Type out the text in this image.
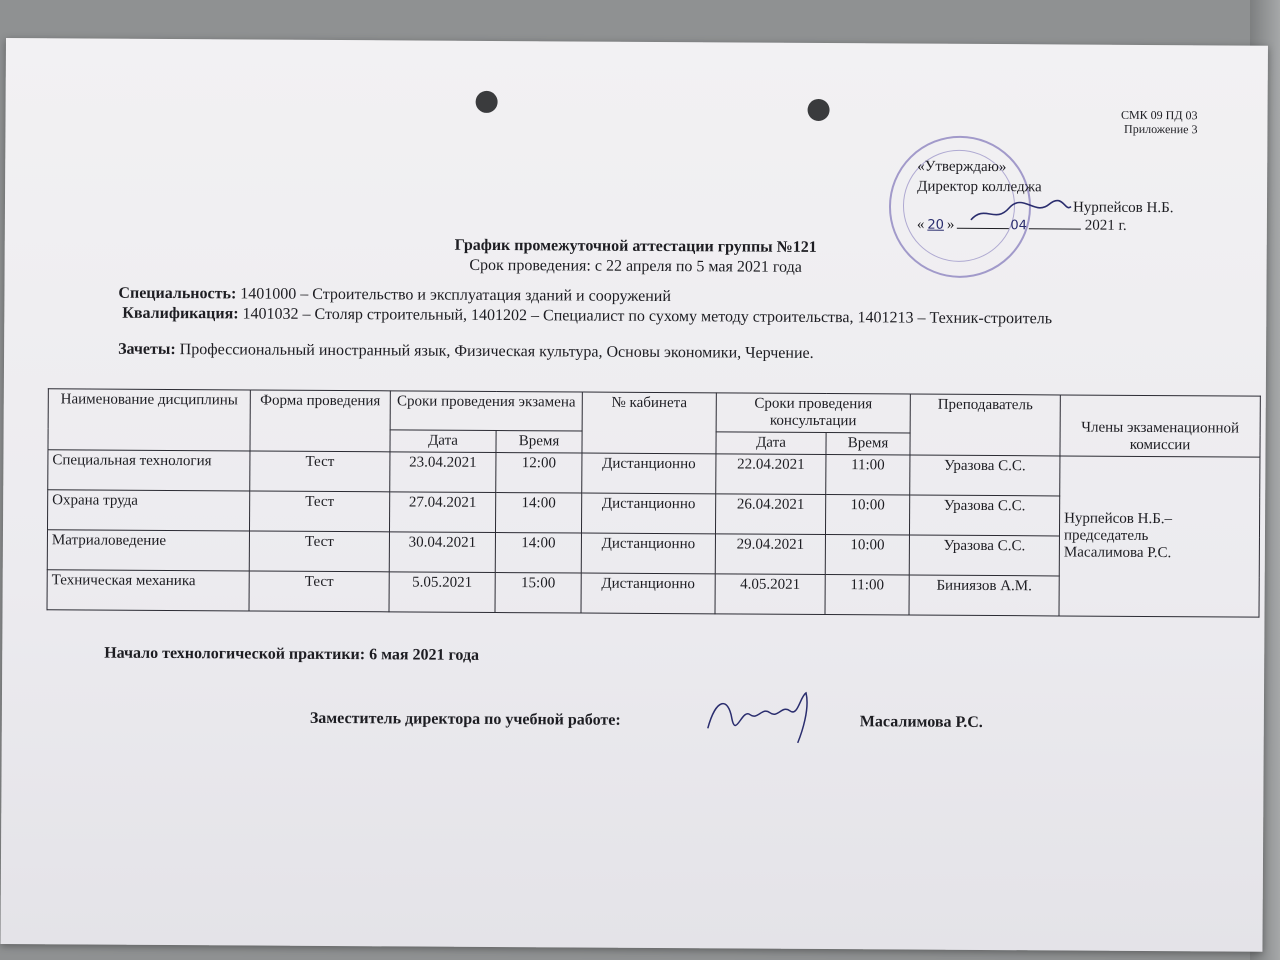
СМК 09 ПД 03
Приложение 3
«Утверждаю»
Директор колледжа
Нурпейсов Н.Б.
« 20 »	04	2021 г.
График промежуточной аттестации группы №121
Срок проведения: с 22 апреля по 5 мая 2021 года
Специальность: 1401000 – Строительство и эксплуатация зданий и сооружений
Квалификация: 1401032 – Столяр строительный, 1401202 – Специалист по сухому методу строительства, 1401213 – Техник-строитель
Зачеты: Профессиональный иностранный язык, Физическая культура, Основы экономики, Черчение.
Наименование дисциплины	Форма проведения	Сроки проведения экзамена		№ кабинета	Сроки проведения консультации		Преподаватель	Члены экзаменационной комиссии
		Дата	Время		Дата	Время		
Специальная технология	Тест	23.04.2021	12:00	Дистанционно	22.04.2021	11:00	Уразова С.С.	Нурпейсов Н.Б.–
председатель
Масалимова Р.С.

Охрана труда	Тест	27.04.2021	14:00	Дистанционно	26.04.2021	10:00	Уразова С.С.	
Матриаловедение	Тест	30.04.2021	14:00	Дистанционно	29.04.2021	10:00	Уразова С.С.	
Техническая механика	Тест	5.05.2021	15:00	Дистанционно	4.05.2021	11:00	Биниязов А.М.	
Начало технологической практики: 6 мая 2021 года
Заместитель директора по учебной работе:	Масалимова Р.С.
